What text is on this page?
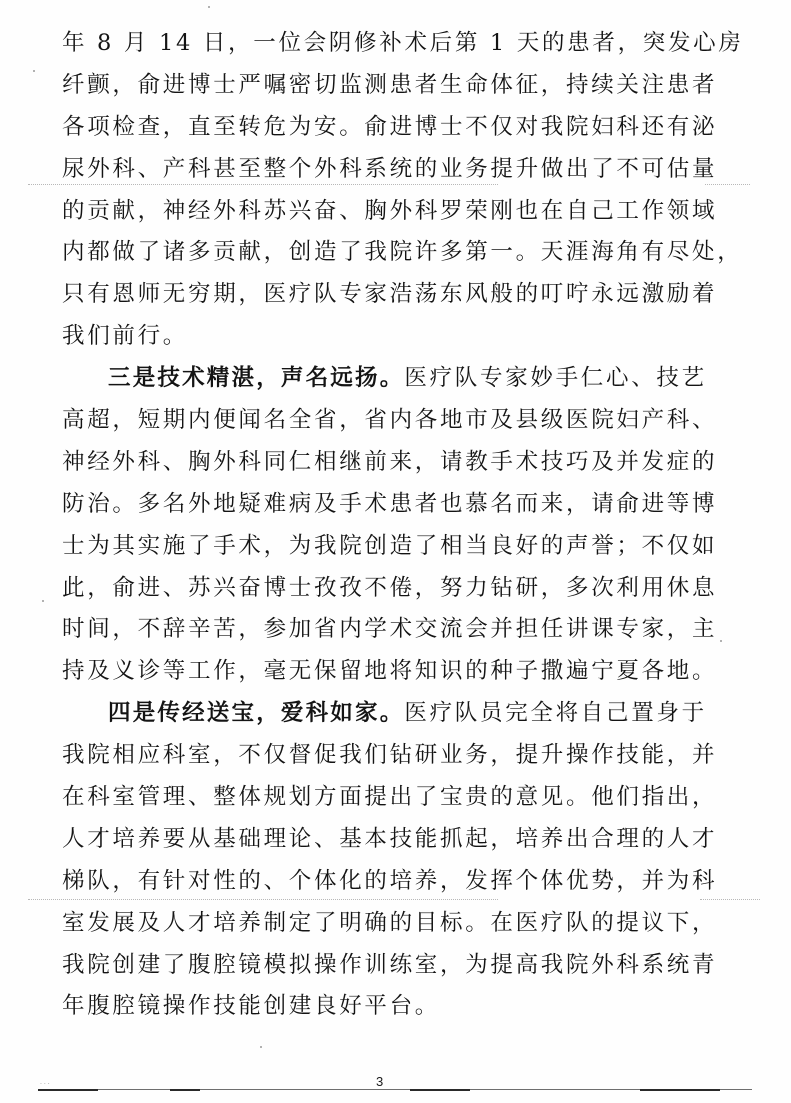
年 8 月 14 日，一位会阴修补术后第 1 天的患者，突发心房
纤颤，俞进博士严嘱密切监测患者生命体征，持续关注患者
各项检查，直至转危为安。俞进博士不仅对我院妇科还有泌
尿外科、产科甚至整个外科系统的业务提升做出了不可估量
的贡献，神经外科苏兴奋、胸外科罗荣刚也在自己工作领域
内都做了诸多贡献，创造了我院许多第一。天涯海角有尽处，
只有恩师无穷期，医疗队专家浩荡东风般的叮咛永远激励着
我们前行。
三是技术精湛，声名远扬。医疗队专家妙手仁心、技艺
高超，短期内便闻名全省，省内各地市及县级医院妇产科、
神经外科、胸外科同仁相继前来，请教手术技巧及并发症的
防治。多名外地疑难病及手术患者也慕名而来，请俞进等博
士为其实施了手术，为我院创造了相当良好的声誉；不仅如
此，俞进、苏兴奋博士孜孜不倦，努力钻研，多次利用休息
时间，不辞辛苦，参加省内学术交流会并担任讲课专家，主
持及义诊等工作，毫无保留地将知识的种子撒遍宁夏各地。
四是传经送宝，爱科如家。医疗队员完全将自己置身于
我院相应科室，不仅督促我们钻研业务，提升操作技能，并
在科室管理、整体规划方面提出了宝贵的意见。他们指出，
人才培养要从基础理论、基本技能抓起，培养出合理的人才
梯队，有针对性的、个体化的培养，发挥个体优势，并为科
室发展及人才培养制定了明确的目标。在医疗队的提议下，
我院创建了腹腔镜模拟操作训练室，为提高我院外科系统青
年腹腔镜操作技能创建良好平台。
. . .	3
